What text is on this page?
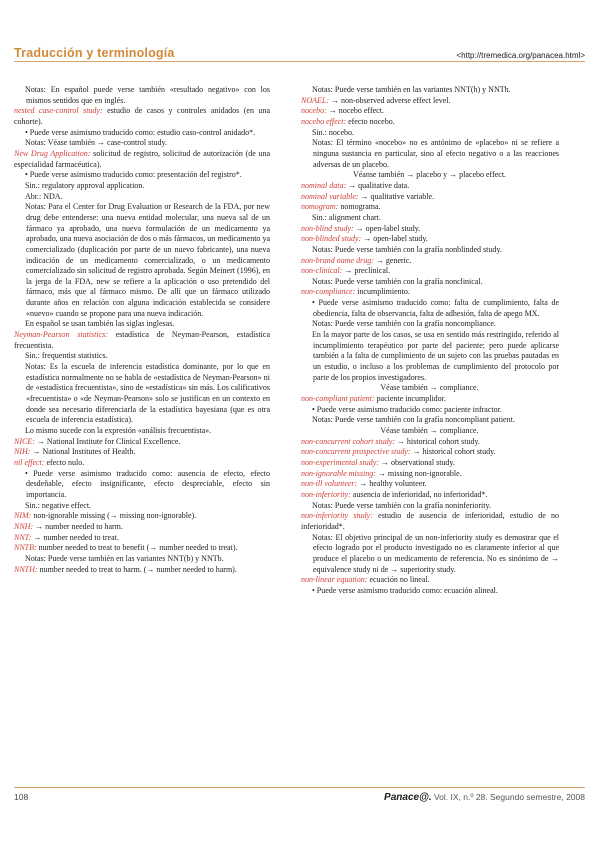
Traducción y terminología	<http://tremedica.org/panacea.html>

Notas: En español puede verse también «resultado negativo» con los mismos sentidos que en inglés.

nested case-control study: estudio de casos y controles anidados (en una cohorte).

• Puede verse asimismo traducido como: estudio caso-control anidado*.

Notas: Véase también → case-control study.

New Drug Application: solicitud de registro, solicitud de autorización (de una especialidad farmacéutica).

• Puede verse asimismo traducido como: presentación del registro*.

Sin.: regulatory approval application.

Abr.: NDA.

Notas: Para el Center for Drug Evaluation or Research de la FDA, por new drug debe entenderse: una nueva entidad molecular, una nueva sal de un fármaco ya aprobado, una nueva formulación de un medicamento ya aprobado, una nueva asociación de dos o más fármacos, un medicamento ya comercializado (duplicación por parte de un nuevo fabricante), una nueva indicación de un medicamento comercializado, o un medicamento comercializado sin solicitud de registro aprobada. Según Meinert (1996), en la jerga de la FDA, new se refiere a la aplicación o uso pretendido del fármaco, más que al fármaco mismo. De allí que un fármaco utilizado durante años en relación con alguna indicación establecida se considere «nuevo» cuando se propone para una nueva indicación.

En español se usan también las siglas inglesas.

Neyman-Pearson statistics: estadística de Neyman-Pearson, estadística frecuentista.

Sin.: frequentist statistics.

Notas: Es la escuela de inferencia estadística dominante, por lo que en estadística normalmente no se habla de «estadística de Neyman-Pearson» ni de «estadística frecuentista», sino de «estadística» sin más. Los calificativos «frecuentista» o «de Neyman-Pearson» solo se justifican en un contexto en donde sea necesario diferenciarla de la estadística bayesiana (que es otra escuela de inferencia estadística).

Lo mismo sucede con la expresión «análisis frecuentista».

NICE: → National Institute for Clinical Excellence.

NIH: → National Institutes of Health.

nil effect: efecto nulo.

• Puede verse asimismo traducido como: ausencia de efecto, efecto desdeñable, efecto insignificante, efecto despreciable, efecto sin importancia.

Sin.: negative effect.

NIM: non-ignorable missing (→ missing non-ignorable).

NNH: → number needed to harm.

NNT: → number needed to treat.

NNTB: number needed to treat to benefit (→ number needed to treat).

Notas: Puede verse también en las variantes NNT(b) y NNTb.

NNTH: number needed to treat to harm. (→ number needed to harm).

Notas: Puede verse también en las variantes NNT(h) y NNTh.

NOAEL: → non-observed adverse effect level.

nocebo: → nocebo effect.

nocebo effect: efecto nocebo.

Sin.: nocebo.

Notas: El término «nocebo» no es antónimo de «placebo» ni se refiere a ninguna sustancia en particular, sino al efecto negativo o a las reacciones adversas de un placebo.

Véanse también → placebo y → placebo effect.

nominal data: → qualitative data.

nominal variable: → qualitative variable.

nomogram: nomograma.

Sin.: alignment chart.

non-blind study: → open-label study.

non-blinded study: → open-label study.

Notas: Puede verse también con la grafía nonblinded study.

non-brand name drug: → generic.

non-clinical: → preclinical.

Notas: Puede verse también con la grafía nonclinical.

non-compliance: incumplimiento.

• Puede verse asimismo traducido como: falta de cumplimiento, falta de obediencia, falta de observancia, falta de adhesión, falta de apego MX.

Notas: Puede verse también con la grafía noncompliance.

En la mayor parte de los casos, se usa en sentido más restringido, referido al incumplimiento terapéutico por parte del paciente; pero puede aplicarse también a la falta de cumplimiento de un sujeto con las pruebas pautadas en un estudio, o incluso a los problemas de cumplimiento del protocolo por parte de los propios investigadores.

Véase también → compliance.

non-compliant patient: paciente incumplidor.

• Puede verse asimismo traducido como: paciente infractor.

Notas: Puede verse también con la grafía noncompliant patient.

Véase también → compliance.

non-concurrent cohort study: → historical cohort study.

non-concurrent prospective study: → historical cohort study.

non-experimental study: → observational study.

non-ignorable missing: → missing non-ignorable.

non-ill volunteer: → healthy volunteer.

non-inferiority: ausencia de inferioridad, no inferioridad*.

Notas: Puede verse también con la grafía noninferiority.

non-inferiority study: estudio de ausencia de inferioridad, estudio de no inferioridad*.

Notas: El objetivo principal de un non-inferiority study es demostrar que el efecto logrado por el producto investigado no es claramente inferior al que produce el placebo o un medicamento de referencia. No es sinónimo de → equivalence study ni de → superiority study.

non-linear equation: ecuación no lineal.

• Puede verse asimismo traducido como: ecuación alineal.

108	Panace@. Vol. IX, n.º 28. Segundo semestre, 2008
